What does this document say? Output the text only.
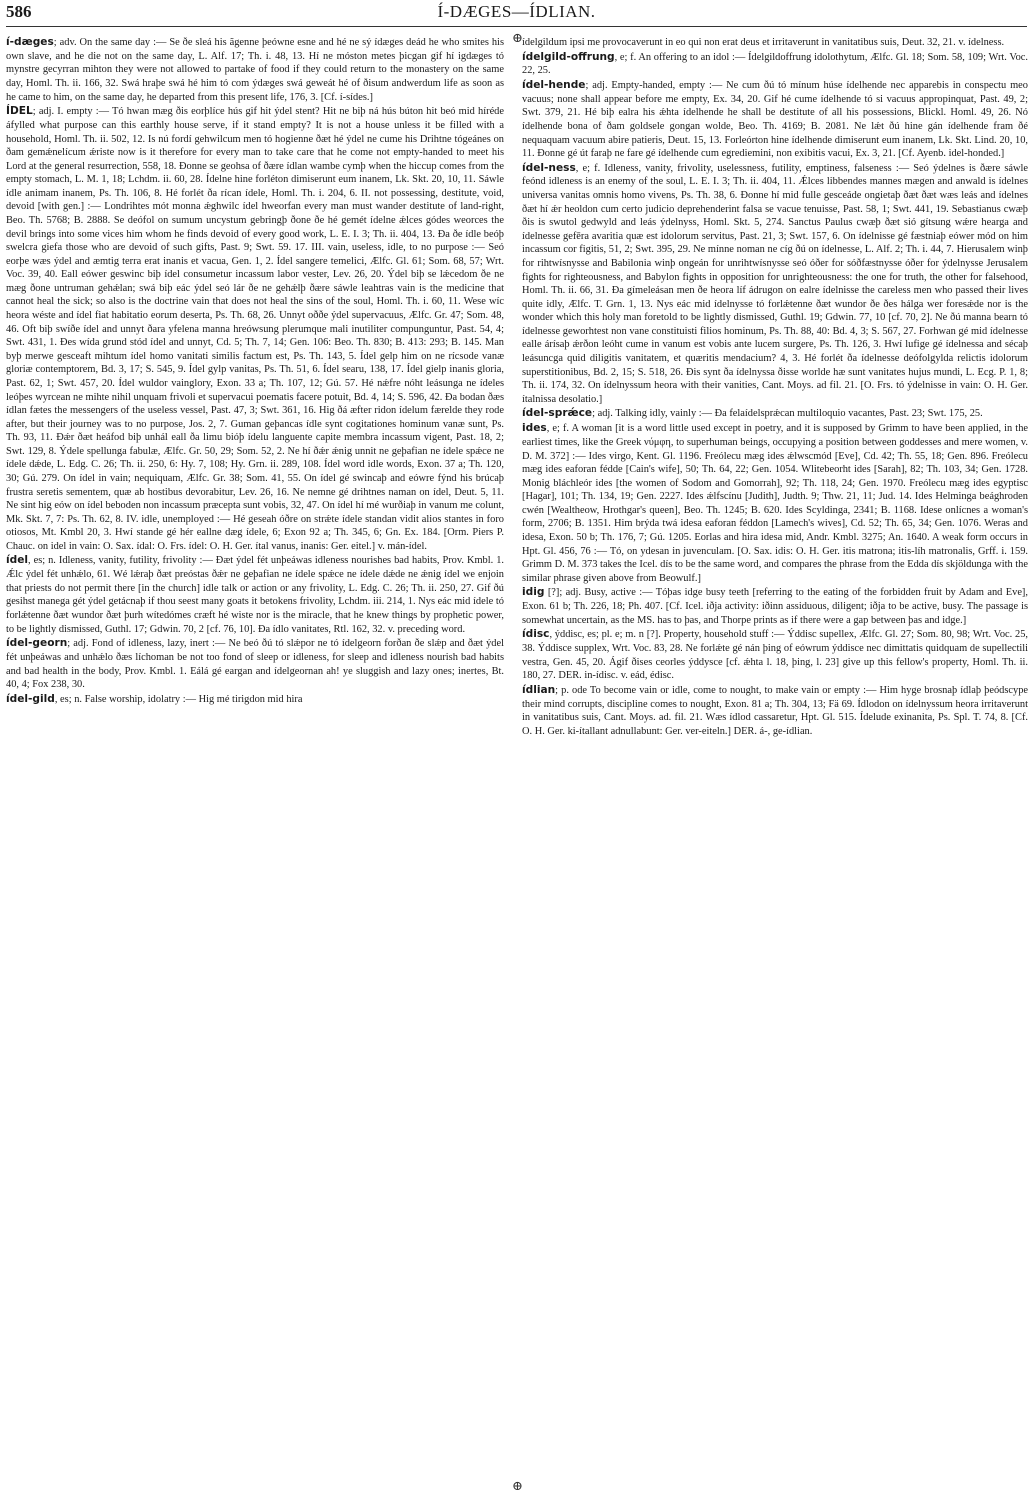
586	Í-DÆGES—ÍDLIAN.
⊕
⊕

í-dæges; adv. On the same day :— Se ðe sleá his ãgenne þeówne esne and hé ne sý ídæges deád he who smites his own slave, and he die not on the same day, L. Alf. 17; Th. i. 48, 13. Hí ne móston metes þicgan gif hí igdæges tó mynstre gecyrran mihton they were not allowed to partake of food if they could return to the monastery on the same day, Homl. Th. ii. 166, 32. Swá hraþe swá hé him tó com ýdæges swá geweát hé of ðisum andwerdum life as soon as he came to him, on the same day, he departed from this present life, 176, 3. [Cf. í-sídes.]

ÍDEL; adj. I. empty :— Tó hwan mæg ðis eorþlíce hús gif hit ýdel stent? Hit ne biþ ná hús búton hit beó mid híréde áfylled what purpose can this earthly house serve, if it stand empty? It is not a house unless it be filled with a household, Homl. Th. ii. 502, 12. Is nú fordí gehwilcum men tó hogienne ðæt hé ýdel ne cume his Drihtne tógeánes on ðam gemǽnelícum ǽriste now is it therefore for every man to take care that he come not empty-handed to meet his Lord at the general resurrection, 558, 18. Ðonne se geohsa of ðære ídlan wambe cymþ when the hiccup comes from the empty stomach, L. M. 1, 18; Lchdm. ii. 60, 28. Ídelne hine forléton dimiserunt eum inanem, Lk. Skt. 20, 10, 11. Sáwle ídle animam inanem, Ps. Th. 106, 8. Hé forlét ða rícan ídele, Homl. Th. i. 204, 6. II. not possessing, destitute, void, devoid [with gen.] :— Londrihtes mót monna ǽghwilc ídel hweorfan every man must wander destitute of land-right, Beo. Th. 5768; B. 2888. Se deófol on sumum uncystum gebringþ ðone ðe hé gemét ídelne ǽlces gódes weorces the devil brings into some vices him whom he finds devoid of every good work, L. E. I. 3; Th. ii. 404, 13. Ða ðe ídle beóþ swelcra giefa those who are devoid of such gifts, Past. 9; Swt. 59. 17. III. vain, useless, idle, to no purpose :— Seó eorþe wæs ýdel and æmtig terra erat inanis et vacua, Gen. 1, 2. Ídel sangere temelici, Ælfc. Gl. 61; Som. 68, 57; Wrt. Voc. 39, 40. Eall eówer geswinc biþ ídel consumetur incassum labor vester, Lev. 26, 20. Ýdel biþ se lǽcedom ðe ne mæg ðone untruman gehǽlan; swá biþ eác ýdel seó lár ðe ne gehǽlþ ðære sáwle leahtras vain is the medicine that cannot heal the sick; so also is the doctrine vain that does not heal the sins of the soul, Homl. Th. i. 60, 11. Wese wíc heora wéste and ídel fiat habitatio eorum deserta, Ps. Th. 68, 26. Unnyt oððe ýdel supervacuus, Ælfc. Gr. 47; Som. 48, 46. Oft biþ swíðe ídel and unnyt ðara yfelena manna hreówsung plerumque mali inutiliter compunguntur, Past. 54, 4; Swt. 431, 1. Ðes wída grund stód ídel and unnyt, Cd. 5; Th. 7, 14; Gen. 106: Beo. Th. 830; B. 413: 293; B. 145. Man byþ merwe gesceaft mihtum ídel homo vanitati similis factum est, Ps. Th. 143, 5. Ídel gelp him on ne rícsode vanæ gloriæ contemptorem, Bd. 3, 17; S. 545, 9. Ídel gylp vanitas, Ps. Th. 51, 6. Ídel searu, 138, 17. Ídel gielp inanis gloria, Past. 62, 1; Swt. 457, 20. Ídel wuldor vainglory, Exon. 33 a; Th. 107, 12; Gú. 57. Hé nǽfre nóht leásunga ne ídeles leóþes wyrcean ne mihte nihil unquam frivoli et supervacui poematis facere potuit, Bd. 4, 14; S. 596, 42. Ða bodan ðæs ídlan fætes the messengers of the useless vessel, Past. 47, 3; Swt. 361, 16. Hig ðá æfter ridon ídelum færelde they rode after, but their journey was to no purpose, Jos. 2, 7. Guman geþancas ídle synt cogitationes hominum vanæ sunt, Ps. Th. 93, 11. Ðǽr ðæt heáfod biþ unhál eall ða limu bióþ ídelu languente capite membra incassum vigent, Past. 18, 2; Swt. 129, 8. Ýdele spellunga fabulæ, Ælfc. Gr. 50, 29; Som. 52, 2. Ne hí ðǽr ǽnig unnit ne geþafian ne ídele spǽce ne ídele dǽde, L. Edg. C. 26; Th. ii. 250, 6: Hy. 7, 108; Hy. Grn. ii. 289, 108. Ídel word idle words, Exon. 37 a; Th. 120, 30; Gú. 279. On ídel in vain; nequiquam, Ælfc. Gr. 38; Som. 41, 55. On ídel gé swincaþ and eówre fýnd his brúcaþ frustra seretis sementem, quæ ab hostibus devorabitur, Lev. 26, 16. Ne nemne gé drihtnes naman on ídel, Deut. 5, 11. Ne sint hig eów on ídel beboden non incassum præcepta sunt vobis, 32, 47. On ídel hí mé wurðiaþ in vanum me colunt, Mk. Skt. 7, 7: Ps. Th. 62, 8. IV. idle, unemployed :— Hé geseah óðre on strǽte ídele standan vidit alios stantes in foro otiosos, Mt. Kmbl 20, 3. Hwí stande gé hér eallne dæg ídele, 6; Exon 92 a; Th. 345, 6; Gn. Ex. 184. [Orm. Piers P. Chauc. on idel in vain: O. Sax. ídal: O. Frs. ídel: O. H. Ger. ítal vanus, inanis: Ger. eitel.] v. mán-ídel.

ídel, es; n. Idleness, vanity, futility, frivolity :— Ðæt ýdel fét unþeáwas idleness nourishes bad habits, Prov. Kmbl. 1. Ǽlc ýdel fét unhǽlo, 61. Wé lǽraþ ðæt preóstas ðǽr ne geþafian ne ídele spǽce ne ídele dǽde ne ǽnig ídel we enjoin that priests do not permit there [in the church] idle talk or action or any frivolity, L. Edg. C. 26; Th. ii. 250, 27. Gif ðú gesihst manega gét ýdel getácnaþ if thou seest many goats it betokens frivolity, Lchdm. iii. 214, 1. Nys eác mid ídele tó forlǽtenne ðæt wundor ðæt þurh wítedómes cræft hé wiste nor is the miracle, that he knew things by prophetic power, to be lightly dismissed, Guthl. 17; Gdwin. 70, 2 [cf. 76, 10]. Ða ídlo vanitates, Rtl. 162, 32. v. preceding word.

ídel-georn; adj. Fond of idleness, lazy, inert :— Ne beó ðú tó slǽpor ne tó ídelgeorn forðan ðe slǽp and ðæt ýdel fét unþeáwas and unhǽlo ðæs líchoman be not too fond of sleep or idleness, for sleep and idleness nourish bad habits and bad health in the body, Prov. Kmbl. 1. Eálá gé eargan and ídelgeornan ah! ye sluggish and lazy ones; inertes, Bt. 40, 4; Fox 238, 30.

ídel-gild, es; n. False worship, idolatry :— Hig mé tirigdon mid hira

ídelgildum ipsi me provocaverunt in eo qui non erat deus et irritaverunt in vanitatibus suis, Deut. 32, 21. v. ídelness.

ídelgild-offrung, e; f. An offering to an idol :— Ídelgildoffrung idolothytum, Ælfc. Gl. 18; Som. 58, 109; Wrt. Voc. 22, 25.

ídel-hende; adj. Empty-handed, empty :— Ne cum ðú tó mínum húse ídelhende nec apparebis in conspectu meo vacuus; none shall appear before me empty, Ex. 34, 20. Gif hé cume ídelhende tó si vacuus appropinquat, Past. 49, 2; Swt. 379, 21. Hé biþ ealra his ǽhta ídelhende he shall be destitute of all his possessions, Blickl. Homl. 49, 26. Nó ídelhende bona of ðam goldsele gongan wolde, Beo. Th. 4169; B. 2081. Ne lǽt ðú hine gán ídelhende fram ðé nequaquam vacuum abire patieris, Deut. 15, 13. Forleórton hine ídelhende dimiserunt eum inanem, Lk. Skt. Lind. 20, 10, 11. Ðonne gé út faraþ ne fare gé ídelhende cum egrediemini, non exibitis vacui, Ex. 3, 21. [Cf. Ayenb. idel-honded.]

ídel-ness, e; f. Idleness, vanity, frivolity, uselessness, futility, emptiness, falseness :— Seó ýdelnes is ðære sáwle feónd idleness is an enemy of the soul, L. E. I. 3; Th. ii. 404, 11. Ǽlces libbendes mannes mægen and anwald is ídelnes universa vanitas omnis homo vivens, Ps. Th. 38, 6. Ðonne hí mid fulle gesceáde ongietaþ ðæt ðæt wæs leás and ídelnes ðæt hí ǽr heoldon cum certo judicio deprehenderint falsa se vacue tenuisse, Past. 58, 1; Swt. 441, 19. Sebastianus cwæþ ðis is swutol gedwyld and leás ýdelnyss, Homl. Skt. 5, 274. Sanctus Paulus cwæþ ðæt sió gítsung wǽre hearga and ídelnesse gefēra avaritia quæ est idolorum servitus, Past. 21, 3; Swt. 157, 6. On ídelnisse gé fæstniaþ eówer mód on him incassum cor figitis, 51, 2; Swt. 395, 29. Ne mínne noman ne cíg ðú on ídelnesse, L. Alf. 2; Th. i. 44, 7. Hierusalem winþ for rihtwísnysse and Babilonia winþ ongeán for unrihtwísnysse seó óðer for sóðfæstnysse óðer for ýdelnysse Jerusalem fights for righteousness, and Babylon fights in opposition for unrighteousness: the one for truth, the other for falsehood, Homl. Th. ii. 66, 31. Ða gímeleásan men ðe heora líf ádrugon on ealre ídelnisse the careless men who passed their lives quite idly, Ælfc. T. Grn. 1, 13. Nys eác mid ídelnysse tó forlǽtenne ðæt wundor ðe ðes hálga wer foresǽde nor is the wonder which this holy man foretold to be lightly dismissed, Guthl. 19; Gdwin. 77, 10 [cf. 70, 2]. Ne ðú manna bearn tó ídelnesse geworhtest non vane constituisti filios hominum, Ps. Th. 88, 40: Bd. 4, 3; S. 567, 27. Forhwan gé mid ídelnesse ealle árísaþ ǽrðon leóht cume in vanum est vobis ante lucem surgere, Ps. Th. 126, 3. Hwí lufige gé ídelnessa and sécaþ leásuncga quid diligitis vanitatem, et quæritis mendacium? 4, 3. Hé forlét ða ídelnesse deófolgylda relictis idolorum superstitionibus, Bd. 2, 15; S. 518, 26. Ðis synt ða ídelnyssa ðisse worlde hæ sunt vanitates hujus mundi, L. Ecg. P. 1, 8; Th. ii. 174, 32. On ídelnyssum heora with their vanities, Cant. Moys. ad fil. 21. [O. Frs. tó ýdelnisse in vain: O. H. Ger. ítalnissa desolatio.]

ídel-sprǽce; adj. Talking idly, vainly :— Ða felaídelsprǽcan multiloquio vacantes, Past. 23; Swt. 175, 25.

ides, e; f. A woman [it is a word little used except in poetry, and it is supposed by Grimm to have been applied, in the earliest times, like the Greek νύμφη, to superhuman beings, occupying a position between goddesses and mere women, v. D. M. 372] :— Ides virgo, Kent. Gl. 1196. Freólecu mæg ides ǽlwscmód [Eve], Cd. 42; Th. 55, 18; Gen. 896. Freólecu mæg ides eaforan fédde [Cain's wife], 50; Th. 64, 22; Gen. 1054. Wlitebeorht ides [Sarah], 82; Th. 103, 34; Gen. 1728. Monig bláchleór ides [the women of Sodom and Gomorrah], 92; Th. 118, 24; Gen. 1970. Freólecu mæg ides egyptisc [Hagar], 101; Th. 134, 19; Gen. 2227. Ides ǽlfscínu [Judith], Judth. 9; Thw. 21, 11; Jud. 14. Ides Helminga beághroden cwén [Wealtheow, Hrothgar's queen], Beo. Th. 1245; B. 620. Ides Scyldinga, 2341; B. 1168. Idese onlícnes a woman's form, 2706; B. 1351. Him brýda twá idesa eaforan féddon [Lamech's wives], Cd. 52; Th. 65, 34; Gen. 1076. Weras and idesa, Exon. 50 b; Th. 176, 7; Gú. 1205. Eorlas and hira idesa mid, Andr. Kmbl. 3275; An. 1640. A weak form occurs in Hpt. Gl. 456, 76 :— Tó, on ydesan in juvenculam. [O. Sax. idis: O. H. Ger. itis matrona; itis-líh matronalis, Grff. i. 159. Grimm D. M. 373 takes the Icel. dís to be the same word, and compares the phrase from the Edda dís skjöldunga with the similar phrase given above from Beowulf.]

idig [?]; adj. Busy, active :— Tóþas idge busy teeth [referring to the eating of the forbidden fruit by Adam and Eve], Exon. 61 b; Th. 226, 18; Ph. 407. [Cf. Icel. iðja activity: iðinn assiduous, diligent; iðja to be active, busy. The passage is somewhat uncertain, as the MS. has to þas, and Thorpe prints as if there were a gap between þas and idge.]

ídisc, ýddisc, es; pl. e; m. n [?]. Property, household stuff :— Ýddisc supellex, Ælfc. Gl. 27; Som. 80, 98; Wrt. Voc. 25, 38. Ýddisce supplex, Wrt. Voc. 83, 28. Ne forlǽte gé nán þing of eówrum ýddisce nec dimittatis quidquam de supellectili vestra, Gen. 45, 20. Ágif ðises ceorles ýddysce [cf. ǽhta l. 18, þing, l. 23] give up this fellow's property, Homl. Th. ii. 180, 27. DER. in-ídisc. v. eád, édisc.

ídlian; p. ode To become vain or idle, come to nought, to make vain or empty :— Him hyge brosnaþ ídlaþ þeódscype their mind corrupts, discipline comes to nought, Exon. 81 a; Th. 304, 13; Fä 69. Ídlodon on ídelnyssum heora irritaverunt in vanitatibus suis, Cant. Moys. ad. fil. 21. Wæs ídlod cassaretur, Hpt. Gl. 515. Ídelude exinanita, Ps. Spl. T. 74, 8. [Cf. O. H. Ger. ki-ítallant adnullabunt: Ger. ver-eiteln.] DER. á-, ge-ídlian.
